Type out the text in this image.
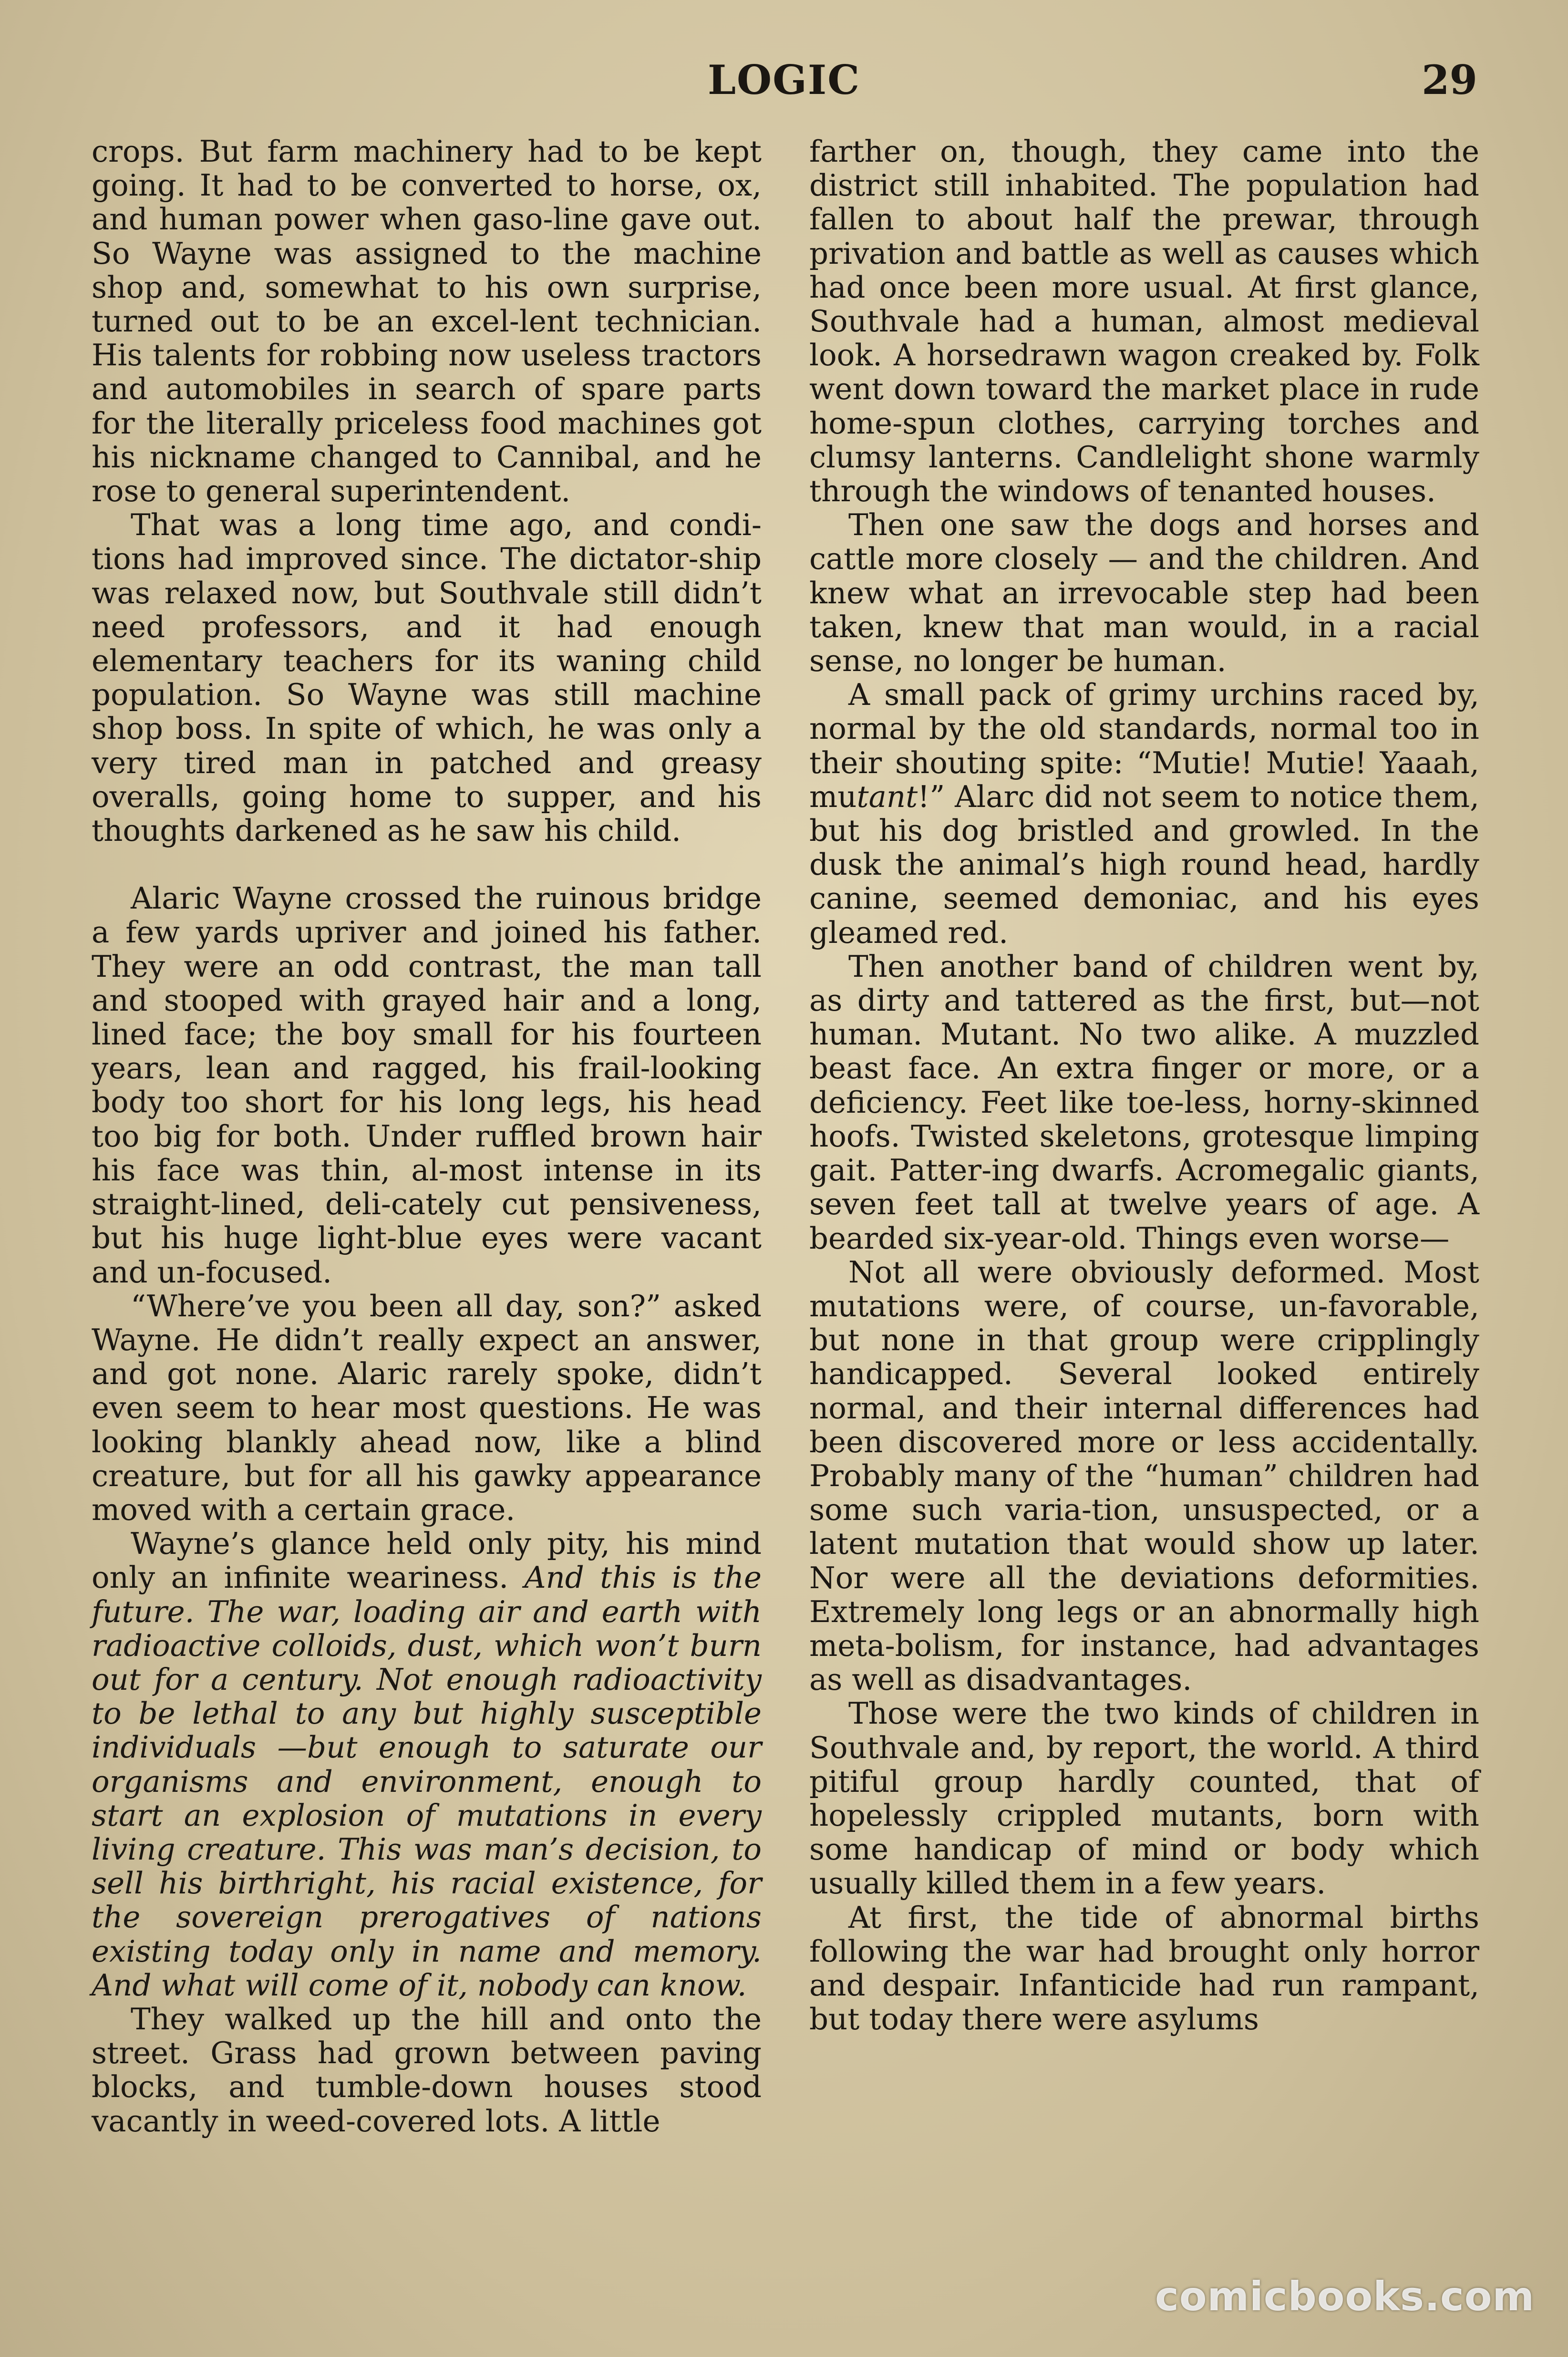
LOGIC	29

crops. But farm machinery had to be kept going. It had to be converted to horse, ox, and human power when gaso-line gave out. So Wayne was assigned to the machine shop and, somewhat to his own surprise, turned out to be an excel-lent technician. His talents for robbing now useless tractors and automobiles in search of spare parts for the literally priceless food machines got his nickname changed to Cannibal, and he rose to general superintendent.

That was a long time ago, and condi-tions had improved since. The dictator-ship was relaxed now, but Southvale still didn’t need professors, and it had enough elementary teachers for its waning child population. So Wayne was still machine shop boss. In spite of which, he was only a very tired man in patched and greasy overalls, going home to supper, and his thoughts darkened as he saw his child.

Alaric Wayne crossed the ruinous bridge a few yards upriver and joined his father. They were an odd contrast, the man tall and stooped with grayed hair and a long, lined face; the boy small for his fourteen years, lean and ragged, his frail-looking body too short for his long legs, his head too big for both. Under ruffled brown hair his face was thin, al-most intense in its straight-lined, deli-cately cut pensiveness, but his huge light-blue eyes were vacant and un-focused.

“Where’ve you been all day, son?” asked Wayne. He didn’t really expect an answer, and got none. Alaric rarely spoke, didn’t even seem to hear most questions. He was looking blankly ahead now, like a blind creature, but for all his gawky appearance moved with a certain grace.

Wayne’s glance held only pity, his mind only an infinite weariness. And this is the future. The war, loading air and earth with radioactive colloids, dust, which won’t burn out for a century. Not enough radioactivity to be lethal to any but highly susceptible individuals —but enough to saturate our organisms and environment, enough to start an explosion of mutations in every living creature. This was man’s decision, to sell his birthright, his racial existence, for the sovereign prerogatives of nations existing today only in name and memory. And what will come of it, nobody can know.

They walked up the hill and onto the street. Grass had grown between paving blocks, and tumble-down houses stood vacantly in weed-covered lots. A little

farther on, though, they came into the district still inhabited. The population had fallen to about half the prewar, through privation and battle as well as causes which had once been more usual. At first glance, Southvale had a human, almost medieval look. A horsedrawn wagon creaked by. Folk went down toward the market place in rude home-spun clothes, carrying torches and clumsy lanterns. Candlelight shone warmly through the windows of tenanted houses.

Then one saw the dogs and horses and cattle more closely — and the children. And knew what an irrevocable step had been taken, knew that man would, in a racial sense, no longer be human.

A small pack of grimy urchins raced by, normal by the old standards, normal too in their shouting spite: “Mutie! Mutie! Yaaah, mutant!” Alarc did not seem to notice them, but his dog bristled and growled. In the dusk the animal’s high round head, hardly canine, seemed demoniac, and his eyes gleamed red.

Then another band of children went by, as dirty and tattered as the first, but—not human. Mutant. No two alike. A muzzled beast face. An extra finger or more, or a deficiency. Feet like toe-less, horny-skinned hoofs. Twisted skeletons, grotesque limping gait. Patter-ing dwarfs. Acromegalic giants, seven feet tall at twelve years of age. A bearded six-year-old. Things even worse—

Not all were obviously deformed. Most mutations were, of course, un-favorable, but none in that group were cripplingly handicapped. Several looked entirely normal, and their internal differences had been discovered more or less accidentally. Probably many of the “human” children had some such varia-tion, unsuspected, or a latent mutation that would show up later. Nor were all the deviations deformities. Extremely long legs or an abnormally high meta-bolism, for instance, had advantages as well as disadvantages.

Those were the two kinds of children in Southvale and, by report, the world. A third pitiful group hardly counted, that of hopelessly crippled mutants, born with some handicap of mind or body which usually killed them in a few years.

At first, the tide of abnormal births following the war had brought only horror and despair. Infanticide had run rampant, but today there were asylums

comicbooks.com
